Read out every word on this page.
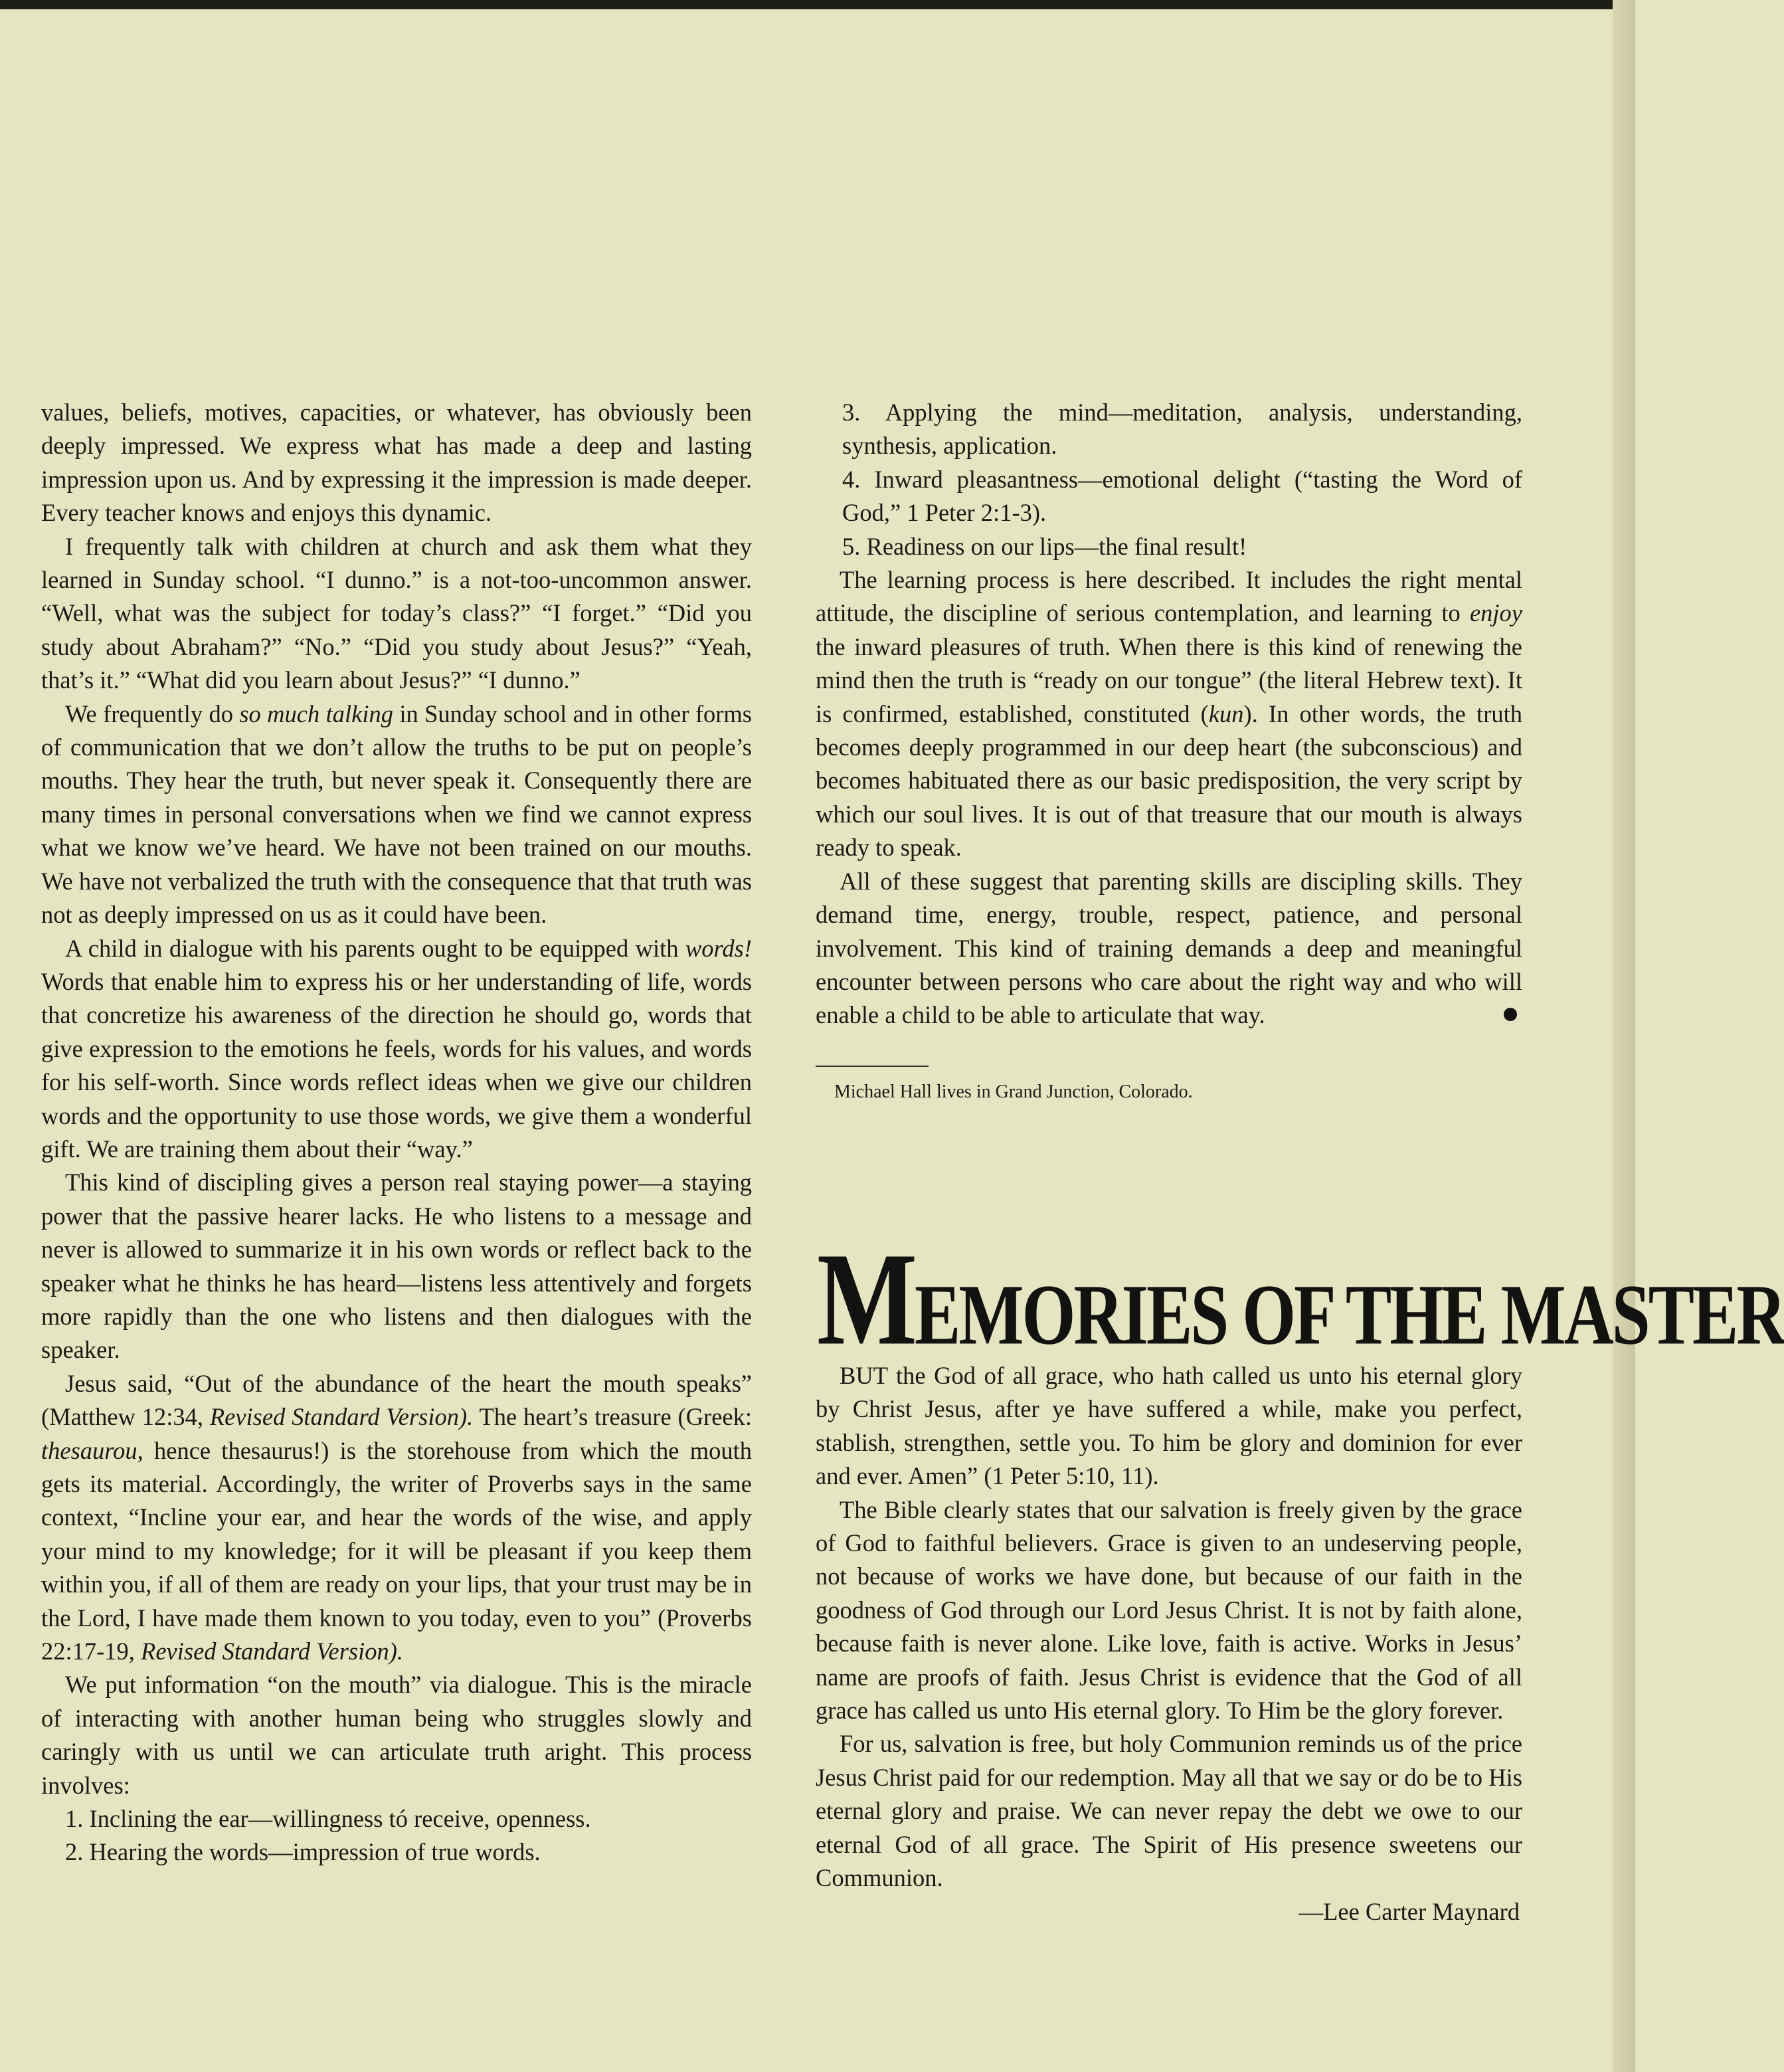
values, beliefs, motives, capacities, or whatever, has obviously been deeply impressed. We express what has made a deep and lasting impression upon us. And by expressing it the impression is made deeper. Every teacher knows and enjoys this dynamic.

I frequently talk with children at church and ask them what they learned in Sunday school. “I dunno.” is a not-too-uncommon answer. “Well, what was the subject for today’s class?” “I forget.” “Did you study about Abraham?” “No.” “Did you study about Jesus?” “Yeah, that’s it.” “What did you learn about Jesus?” “I dunno.”

We frequently do so much talking in Sunday school and in other forms of communication that we don’t allow the truths to be put on people’s mouths. They hear the truth, but never speak it. Consequently there are many times in personal conversations when we find we cannot express what we know we’ve heard. We have not been trained on our mouths. We have not verbalized the truth with the consequence that that truth was not as deeply impressed on us as it could have been.

A child in dialogue with his parents ought to be equipped with words! Words that enable him to express his or her understanding of life, words that concretize his awareness of the direction he should go, words that give expression to the emotions he feels, words for his values, and words for his self-worth. Since words reflect ideas when we give our children words and the opportunity to use those words, we give them a wonderful gift. We are training them about their “way.”

This kind of discipling gives a person real staying power—a staying power that the passive hearer lacks. He who listens to a message and never is allowed to summarize it in his own words or reflect back to the speaker what he thinks he has heard—listens less attentively and forgets more rapidly than the one who listens and then dialogues with the speaker.

Jesus said, “Out of the abundance of the heart the mouth speaks” (Matthew 12:34, Revised Standard Version). The heart’s treasure (Greek: thesaurou, hence thesaurus!) is the storehouse from which the mouth gets its material. Accordingly, the writer of Proverbs says in the same context, “Incline your ear, and hear the words of the wise, and apply your mind to my knowledge; for it will be pleasant if you keep them within you, if all of them are ready on your lips, that your trust may be in the Lord, I have made them known to you today, even to you” (Proverbs 22:17-19, Revised Standard Version).

We put information “on the mouth” via dialogue. This is the miracle of interacting with another human being who struggles slowly and caringly with us until we can articulate truth aright. This process involves:

1. Inclining the ear—willingness tó receive, openness.

2. Hearing the words—impression of true words.

3. Applying the mind—meditation, analysis, understanding, synthesis, application.

4. Inward pleasantness—emotional delight (“tasting the Word of God,” 1 Peter 2:1-3).

5. Readiness on our lips—the final result!

The learning process is here described. It includes the right mental attitude, the discipline of serious contemplation, and learning to enjoy the inward pleasures of truth. When there is this kind of renewing the mind then the truth is “ready on our tongue” (the literal Hebrew text). It is confirmed, established, constituted (kun). In other words, the truth becomes deeply programmed in our deep heart (the subconscious) and becomes habituated there as our basic predisposition, the very script by which our soul lives. It is out of that treasure that our mouth is always ready to speak.

All of these suggest that parenting skills are discipling skills. They demand time, energy, trouble, respect, patience, and personal involvement. This kind of training demands a deep and meaningful encounter between persons who care about the right way and who will enable a child to be able to articulate that way.

Michael Hall lives in Grand Junction, Colorado.

MEMORIES OF THE MASTER

BUT the God of all grace, who hath called us unto his eternal glory by Christ Jesus, after ye have suffered a while, make you perfect, stablish, strengthen, settle you. To him be glory and dominion for ever and ever. Amen” (1 Peter 5:10, 11).

The Bible clearly states that our salvation is freely given by the grace of God to faithful believers. Grace is given to an undeserving people, not because of works we have done, but because of our faith in the goodness of God through our Lord Jesus Christ. It is not by faith alone, because faith is never alone. Like love, faith is active. Works in Jesus’ name are proofs of faith. Jesus Christ is evidence that the God of all grace has called us unto His eternal glory. To Him be the glory forever.

For us, salvation is free, but holy Communion reminds us of the price Jesus Christ paid for our redemption. May all that we say or do be to His eternal glory and praise. We can never repay the debt we owe to our eternal God of all grace. The Spirit of His presence sweetens our Communion.

—Lee Carter Maynard
